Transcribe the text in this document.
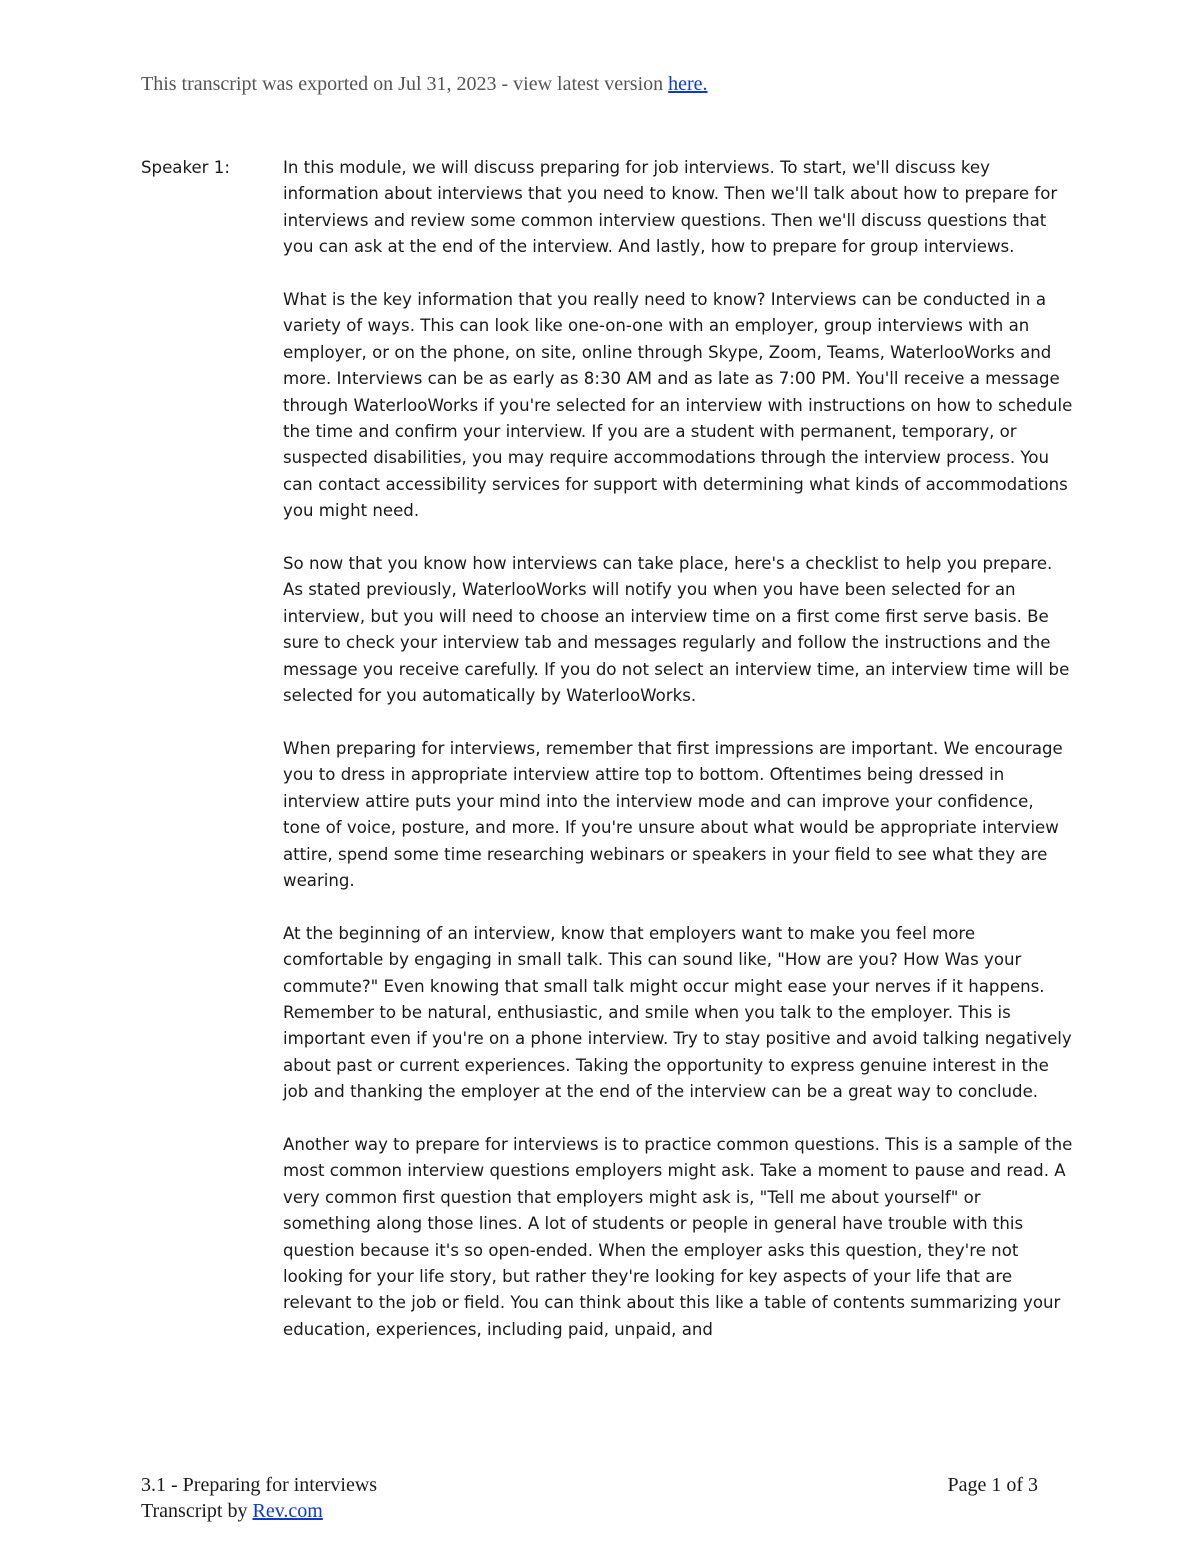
This transcript was exported on Jul 31, 2023 - view latest version here.
Speaker 1:	In this module, we will discuss preparing for job interviews. To start, we'll discuss key information about interviews that you need to know. Then we'll talk about how to prepare for interviews and review some common interview questions. Then we'll discuss questions that you can ask at the end of the interview. And lastly, how to prepare for group interviews.

What is the key information that you really need to know? Interviews can be conducted in a variety of ways. This can look like one-on-one with an employer, group interviews with an employer, or on the phone, on site, online through Skype, Zoom, Teams, WaterlooWorks and more. Interviews can be as early as 8:30 AM and as late as 7:00 PM. You'll receive a message through WaterlooWorks if you're selected for an interview with instructions on how to schedule the time and confirm your interview. If you are a student with permanent, temporary, or suspected disabilities, you may require accommodations through the interview process. You can contact accessibility services for support with determining what kinds of accommodations you might need.

So now that you know how interviews can take place, here's a checklist to help you prepare. As stated previously, WaterlooWorks will notify you when you have been selected for an interview, but you will need to choose an interview time on a first come first serve basis. Be sure to check your interview tab and messages regularly and follow the instructions and the message you receive carefully. If you do not select an interview time, an interview time will be selected for you automatically by WaterlooWorks.

When preparing for interviews, remember that first impressions are important. We encourage you to dress in appropriate interview attire top to bottom. Oftentimes being dressed in interview attire puts your mind into the interview mode and can improve your confidence, tone of voice, posture, and more. If you're unsure about what would be appropriate interview attire, spend some time researching webinars or speakers in your field to see what they are wearing.

At the beginning of an interview, know that employers want to make you feel more comfortable by engaging in small talk. This can sound like, "How are you? How Was your commute?" Even knowing that small talk might occur might ease your nerves if it happens. Remember to be natural, enthusiastic, and smile when you talk to the employer. This is important even if you're on a phone interview. Try to stay positive and avoid talking negatively about past or current experiences. Taking the opportunity to express genuine interest in the job and thanking the employer at the end of the interview can be a great way to conclude.

Another way to prepare for interviews is to practice common questions. This is a sample of the most common interview questions employers might ask. Take a moment to pause and read. A very common first question that employers might ask is, "Tell me about yourself" or something along those lines. A lot of students or people in general have trouble with this question because it's so open-ended. When the employer asks this question, they're not looking for your life story, but rather they're looking for key aspects of your life that are relevant to the job or field. You can think about this like a table of contents summarizing your education, experiences, including paid, unpaid, and

3.1 - Preparing for interviews
Transcript by Rev.com
Page 1 of 3
